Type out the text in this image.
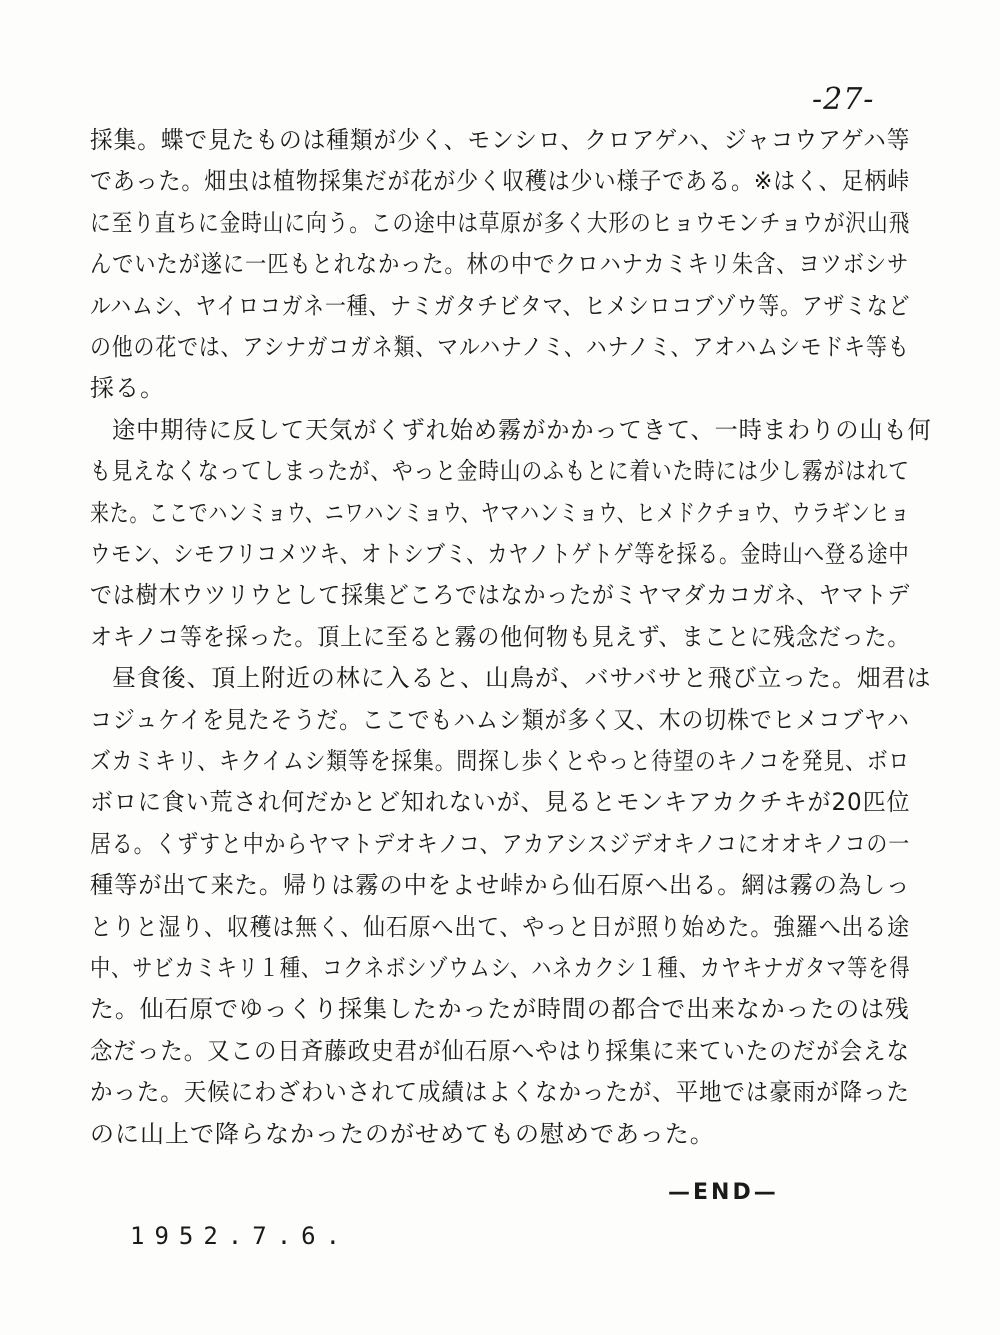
-27-
採集。蝶で見たものは種類が少く、モンシロ、クロアゲハ、ジャコウアゲハ等
であった。畑虫は植物採集だが花が少く収穫は少い様子である。※はく、足柄峠
に至り直ちに金時山に向う。この途中は草原が多く大形のヒョウモンチョウが沢山飛
んでいたが遂に一匹もとれなかった。林の中でクロハナカミキリ朱含、ヨツボシサ
ルハムシ、ヤイロコガネ一種、ナミガタチビタマ、ヒメシロコブゾウ等。アザミなど
の他の花では、アシナガコガネ類、マルハナノミ、ハナノミ、アオハムシモドキ等も
採る。
途中期待に反して天気がくずれ始め霧がかかってきて、一時まわりの山も何
も見えなくなってしまったが、やっと金時山のふもとに着いた時には少し霧がはれて
来た。ここでハンミョウ、ニワハンミョウ、ヤマハンミョウ、ヒメドクチョウ、ウラギンヒョ
ウモン、シモフリコメツキ、オトシブミ、カヤノトゲトゲ等を採る。金時山へ登る途中
では樹木ウツリウとして採集どころではなかったがミヤマダカコガネ、ヤマトデ
オキノコ等を採った。頂上に至ると霧の他何物も見えず、まことに残念だった。
昼食後、頂上附近の林に入ると、山鳥が、バサバサと飛び立った。畑君は
コジュケイを見たそうだ。ここでもハムシ類が多く又、木の切株でヒメコブヤハ
ズカミキリ、キクイムシ類等を採集。問探し歩くとやっと待望のキノコを発見、ボロ
ボロに食い荒され何だかとど知れないが、見るとモンキアカクチキが20匹位
居る。くずすと中からヤマトデオキノコ、アカアシスジデオキノコにオオキノコの一
種等が出て来た。帰りは霧の中をよせ峠から仙石原へ出る。網は霧の為しっ
とりと湿り、収穫は無く、仙石原へ出て、やっと日が照り始めた。強羅へ出る途
中、サビカミキリ１種、コクネボシゾウムシ、ハネカクシ１種、カヤキナガタマ等を得
た。仙石原でゆっくり採集したかったが時間の都合で出来なかったのは残
念だった。又この日斉藤政史君が仙石原へやはり採集に来ていたのだが会えな
かった。天候にわざわいされて成績はよくなかったが、平地では豪雨が降った
のに山上で降らなかったのがせめてもの慰めであった。
—END—
1952.7.6.
